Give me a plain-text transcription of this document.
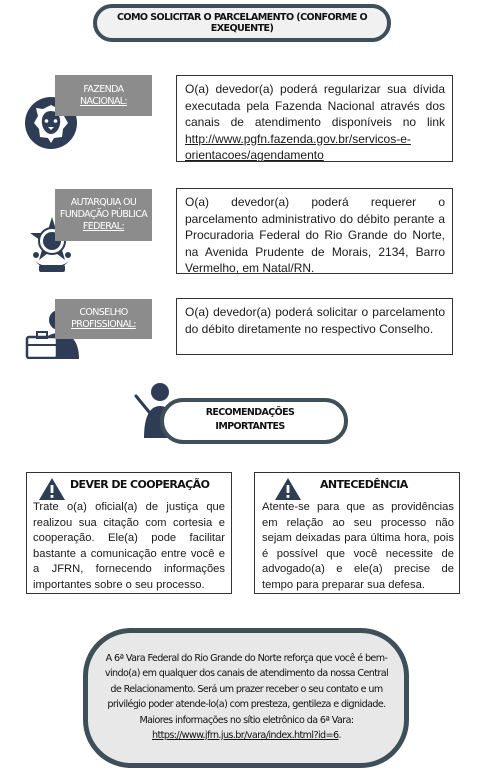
COMO SOLICITAR O PARCELAMENTO (CONFORME O EXEQUENTE)
FAZENDA
NACIONAL:
O(a) devedor(a) poderá regularizar sua dívida executada pela Fazenda Nacional através dos canais de atendimento disponíveis no link http://www.pgfn.fazenda.gov.br/servicos-e-orientacoes/agendamento
AUTARQUIA OU
FUNDAÇÃO PÚBLICA
FEDERAL:
O(a) devedor(a) poderá requerer o parcelamento administrativo do débito perante a Procuradoria Federal do Rio Grande do Norte, na Avenida Prudente de Morais, 2134, Barro Vermelho, em Natal/RN.
CONSELHO
PROFISSIONAL:
O(a) devedor(a) poderá solicitar o parcelamento do débito diretamente no respectivo Conselho.
RECOMENDAÇÕES
IMPORTANTES
DEVER DE COOPERAÇÃO
Trate o(a) oficial(a) de justiça que realizou sua citação com cortesia e cooperação. Ele(a) pode facilitar bastante a comunicação entre você e a JFRN, fornecendo informações importantes sobre o seu processo.
ANTECEDÊNCIA
Atente-se para que as providências em relação ao seu processo não sejam deixadas para última hora, pois é possível que você necessite de advogado(a) e ele(a) precise de tempo para preparar sua defesa.
A 6ª Vara Federal do Rio Grande do Norte reforça que você é bem-vindo(a) em qualquer dos canais de atendimento da nossa Central de Relacionamento. Será um prazer receber o seu contato e um privilégio poder atende-lo(a) com presteza, gentileza e dignidade. Maiores informações no sítio eletrônico da 6ª Vara:
https://www.jfrn.jus.br/vara/index.html?id=6.
